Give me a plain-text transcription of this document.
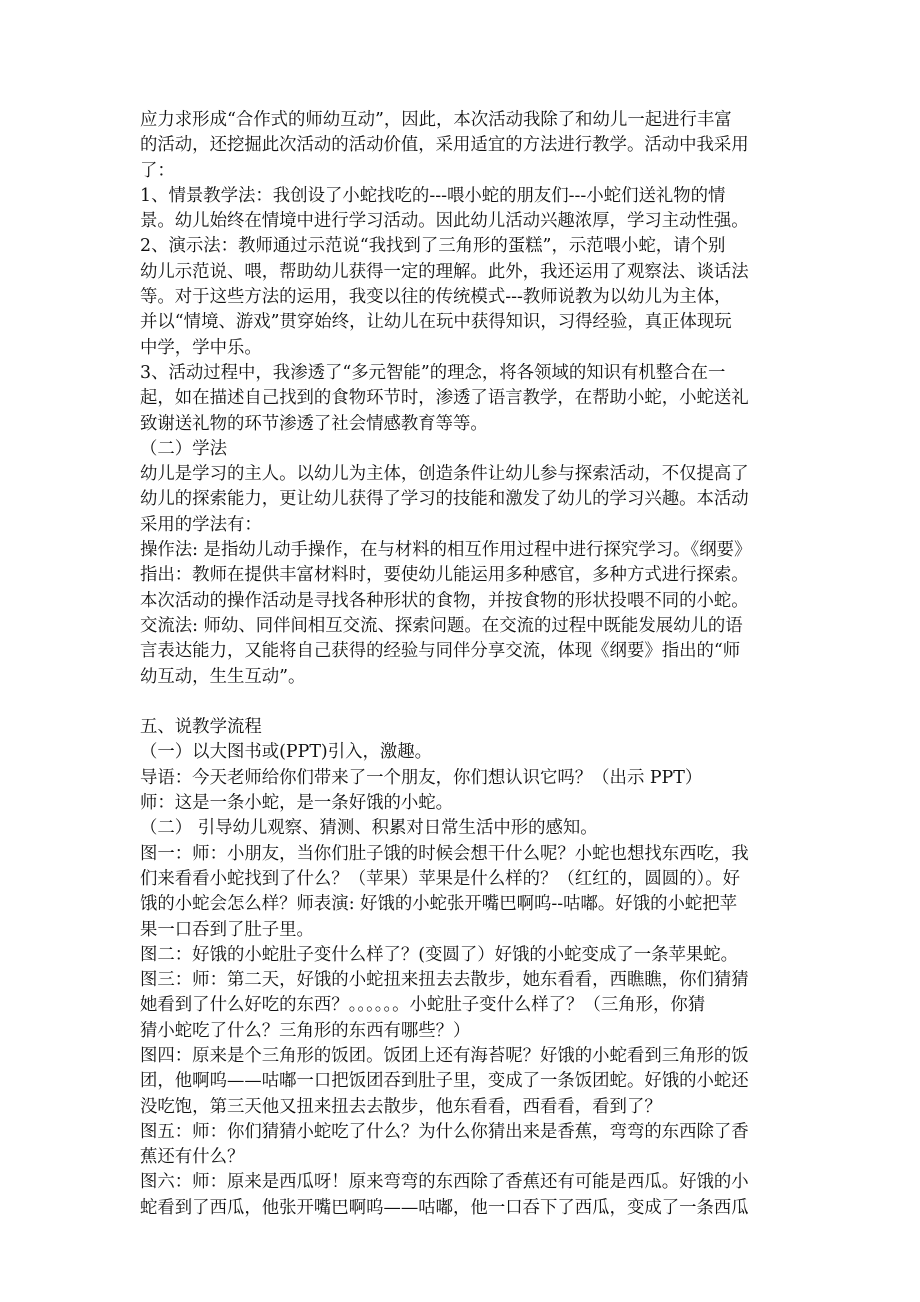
应力求形成“合作式的师幼互动”，因此，本次活动我除了和幼儿一起进行丰富

的活动，还挖掘此次活动的活动价值，采用适宜的方法进行教学。活动中我采用

了：

1、情景教学法：我创设了小蛇找吃的---喂小蛇的朋友们---小蛇们送礼物的情

景。幼儿始终在情境中进行学习活动。因此幼儿活动兴趣浓厚，学习主动性强。

2、演示法：教师通过示范说“我找到了三角形的蛋糕”，示范喂小蛇，请个别

幼儿示范说、喂，帮助幼儿获得一定的理解。此外，我还运用了观察法、谈话法

等。对于这些方法的运用，我变以往的传统模式---教师说教为以幼儿为主体，

并以“情境、游戏”贯穿始终，让幼儿在玩中获得知识，习得经验，真正体现玩

中学，学中乐。

3、活动过程中，我渗透了“多元智能”的理念，将各领域的知识有机整合在一

起，如在描述自己找到的食物环节时，渗透了语言教学，在帮助小蛇，小蛇送礼

致谢送礼物的环节渗透了社会情感教育等等。

（二）学法

幼儿是学习的主人。以幼儿为主体，创造条件让幼儿参与探索活动，不仅提高了

幼儿的探索能力，更让幼儿获得了学习的技能和激发了幼儿的学习兴趣。本活动

采用的学法有：

操作法: 是指幼儿动手操作，在与材料的相互作用过程中进行探究学习。《纲要》

指出：教师在提供丰富材料时，要使幼儿能运用多种感官，多种方式进行探索。

本次活动的操作活动是寻找各种形状的食物，并按食物的形状投喂不同的小蛇。

交流法: 师幼、同伴间相互交流、探索问题。在交流的过程中既能发展幼儿的语

言表达能力，又能将自己获得的经验与同伴分享交流，体现《纲要》指出的“师

幼互动，生生互动”。

五、说教学流程

（一）以大图书或(PPT)引入，激趣。

导语：今天老师给你们带来了一个朋友，你们想认识它吗？（出示 PPT）

师：这是一条小蛇，是一条好饿的小蛇。

（二） 引导幼儿观察、猜测、积累对日常生活中形的感知。

图一：师：小朋友，当你们肚子饿的时候会想干什么呢？小蛇也想找东西吃，我

们来看看小蛇找到了什么？（苹果）苹果是什么样的？（红红的，圆圆的）。好

饿的小蛇会怎么样？师表演: 好饿的小蛇张开嘴巴啊呜--咕嘟。好饿的小蛇把苹

果一口吞到了肚子里。

图二：好饿的小蛇肚子变什么样了？(变圆了）好饿的小蛇变成了一条苹果蛇。

图三：师：第二天，好饿的小蛇扭来扭去去散步，她东看看，西瞧瞧，你们猜猜

她看到了什么好吃的东西？。。。。。。小蛇肚子变什么样了？（三角形，你猜

猜小蛇吃了什么？三角形的东西有哪些？）

图四：原来是个三角形的饭团。饭团上还有海苔呢？好饿的小蛇看到三角形的饭

团，他啊呜——咕嘟一口把饭团吞到肚子里，变成了一条饭团蛇。好饿的小蛇还

没吃饱，第三天他又扭来扭去去散步，他东看看，西看看，看到了？

图五：师：你们猜猜小蛇吃了什么？为什么你猜出来是香蕉，弯弯的东西除了香

蕉还有什么？

图六：师：原来是西瓜呀！原来弯弯的东西除了香蕉还有可能是西瓜。好饿的小

蛇看到了西瓜，他张开嘴巴啊呜——咕嘟，他一口吞下了西瓜，变成了一条西瓜
